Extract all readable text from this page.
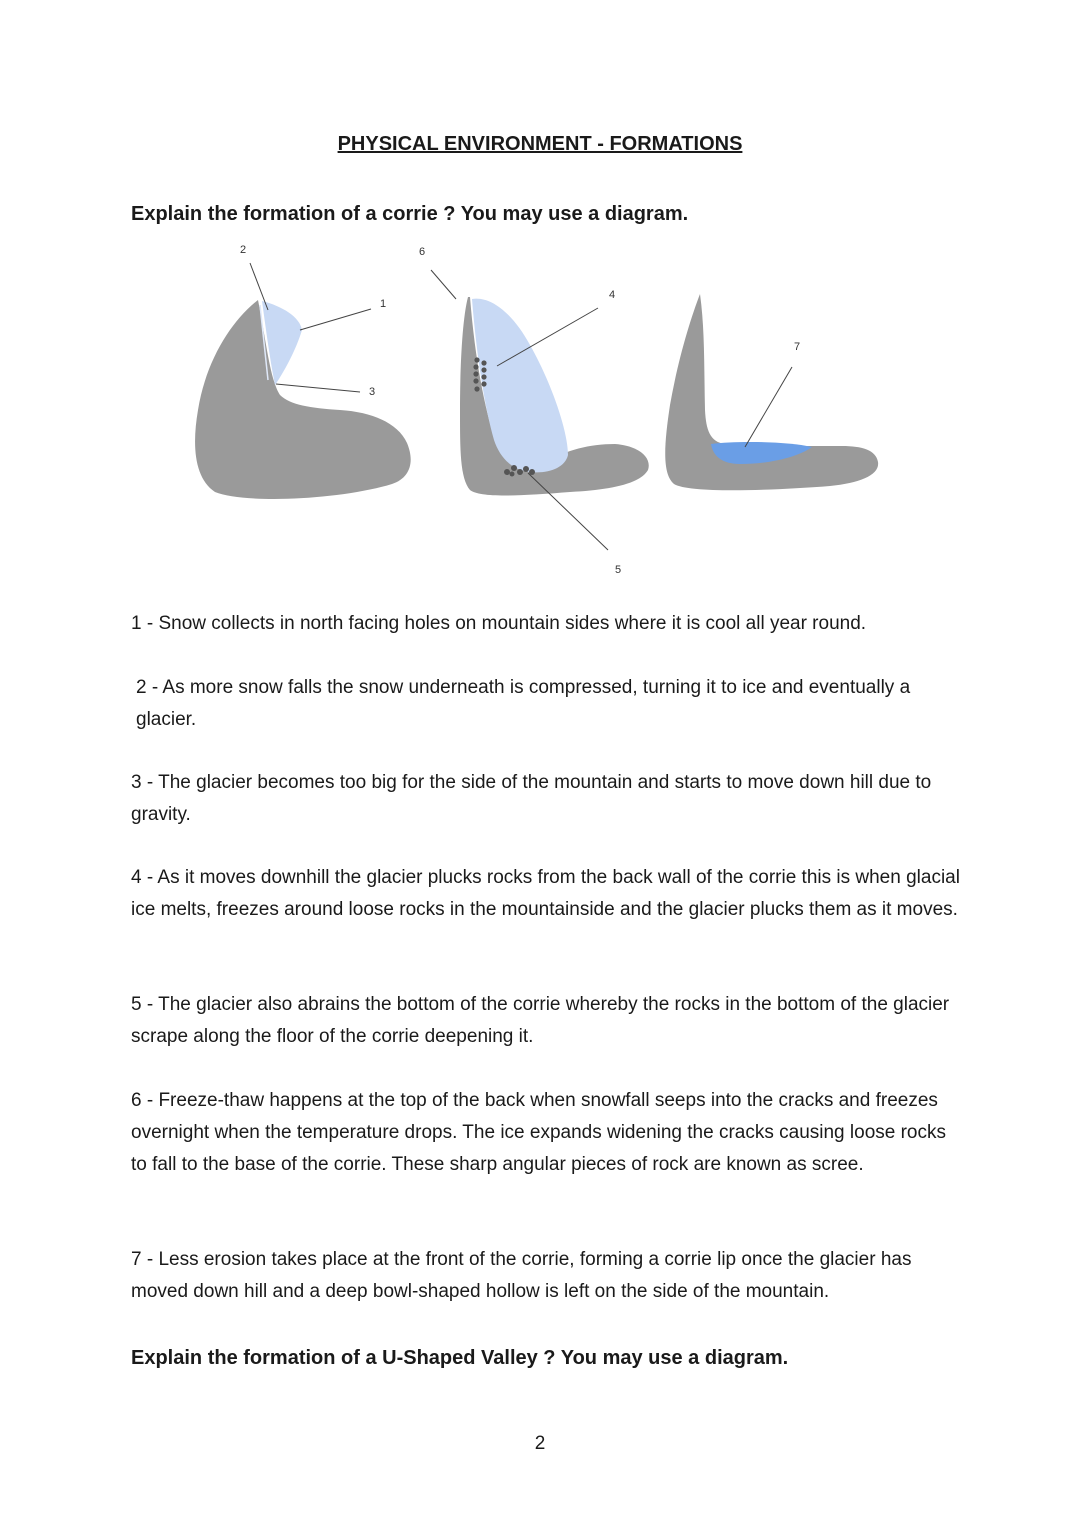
PHYSICAL ENVIRONMENT - FORMATIONS
Explain the formation of a corrie ? You may use a diagram.
2
1
3
6
4
5
7
1 - Snow collects in north facing holes on mountain sides where it is cool all year round.
2 - As more snow falls the snow underneath is compressed, turning it to ice and eventually a glacier.
3 - The glacier becomes too big for the side of the mountain and starts to move down hill due to gravity.
4 - As it moves downhill the glacier plucks rocks from the back wall of the corrie this is when glacial ice melts, freezes around loose rocks in the mountainside and the glacier plucks them as it moves.
5 - The glacier also abrains the bottom of the corrie whereby the rocks in the bottom of the glacier scrape along the floor of the corrie deepening it.
6 - Freeze-thaw happens at the top of the back when snowfall seeps into the cracks and freezes overnight when the temperature drops. The ice expands widening the cracks causing loose rocks to fall to the base of the corrie. These sharp angular pieces of rock are known as scree.
7 - Less erosion takes place at the front of the corrie, forming a corrie lip once the glacier has moved down hill and a deep bowl-shaped hollow is left on the side of the mountain.
Explain the formation of a U-Shaped Valley ? You may use a diagram.
2
